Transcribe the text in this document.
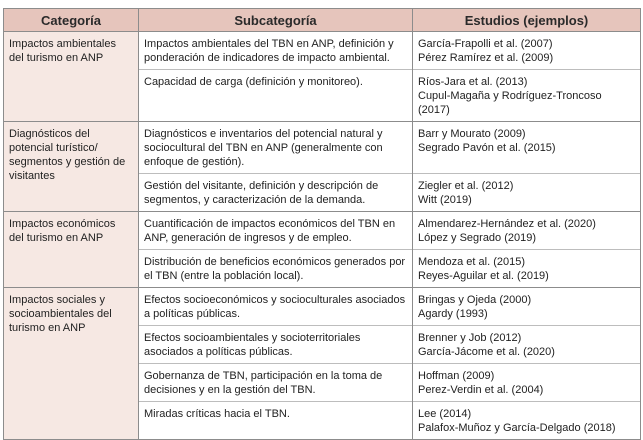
Categoría	Subcategoría	Estudios (ejemplos)
Impactos ambientales del turismo en ANP	Impactos ambientales del TBN en ANP, definición y ponderación de indicadores de impacto ambiental.	García-Frapolli et al. (2007)
Pérez Ramírez et al. (2009)

	Capacidad de carga (definición y monitoreo).	Ríos-Jara et al. (2013)
Cupul-Magaña y Rodríguez-Troncoso (2017)

Diagnósticos del potencial turístico/ segmentos y gestión de visitantes	Diagnósticos e inventarios del potencial natural y sociocultural del TBN en ANP (generalmente con enfoque de gestión).	Barr y Mourato (2009)
Segrado Pavón et al. (2015)

	Gestión del visitante, definición y descripción de segmentos, y caracterización de la demanda.	Ziegler et al. (2012)
Witt (2019)

Impactos económicos del turismo en ANP	Cuantificación de impactos económicos del TBN en ANP, generación de ingresos y de empleo.	Almendarez-Hernández et al. (2020)
López y Segrado (2019)

	Distribución de beneficios económicos generados por el TBN (entre la población local).	Mendoza et al. (2015)
Reyes-Aguilar et al. (2019)

Impactos sociales y socioambientales del turismo en ANP	Efectos socioeconómicos y socioculturales asociados a políticas públicas.	Bringas y Ojeda (2000)
Agardy (1993)

	Efectos socioambientales y socioterritoriales asociados a políticas públicas.	Brenner y Job (2012)
García-Jácome et al. (2020)

	Gobernanza de TBN, participación en la toma de decisiones y en la gestión del TBN.	Hoffman (2009)
Perez-Verdin et al. (2004)

	Miradas críticas hacia el TBN.	Lee (2014)
Palafox-Muñoz y García-Delgado (2018)
